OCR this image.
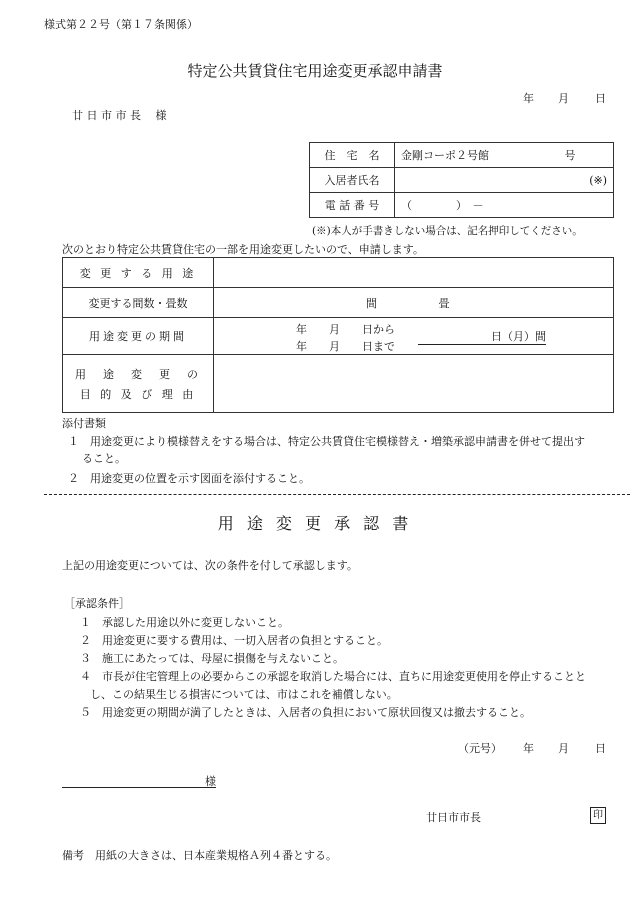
様式第２２号（第１７条関係）
特定公共賃貸住宅用途変更承認申請書
年 月 日
廿 日 市 市 長　 様
住　宅　名	金剛コーポ２号館 号
入居者氏名	(※)
電 話 番 号	（　　　　）　－
(※)本人が手書きしない場合は、記名押印してください。
次のとおり特定公共賃貸住宅の一部を用途変更したいので、申請します。
変 更 す る 用 途	
変更する間数・畳数	間 畳
用途変更の期間	年　　月　　日から
年　　月　　日まで
日（月）間

用　途　変　更　の
目 的 及 び 理 由	

添付書類
１　用途変更により模様替えをする場合は、特定公共賃貸住宅模様替え・増築承認申請書を併せて提出す
ること。
２　用途変更の位置を示す図面を添付すること。
用 途 変 更 承 認 書
上記の用途変更については、次の条件を付して承認します。
［承認条件］
１　承認した用途以外に変更しないこと。
２　用途変更に要する費用は、一切入居者の負担とすること。
３　施工にあたっては、母屋に損傷を与えないこと。
４　市長が住宅管理上の必要からこの承認を取消した場合には、直ちに用途変更使用を停止することと
し、この結果生じる損害については、市はこれを補償しない。
５　用途変更の期間が満了したときは、入居者の負担において原状回復又は撤去すること。
（元号） 年 月 日
様
廿日市市長	印
備考　用紙の大きさは、日本産業規格Ａ列４番とする。
